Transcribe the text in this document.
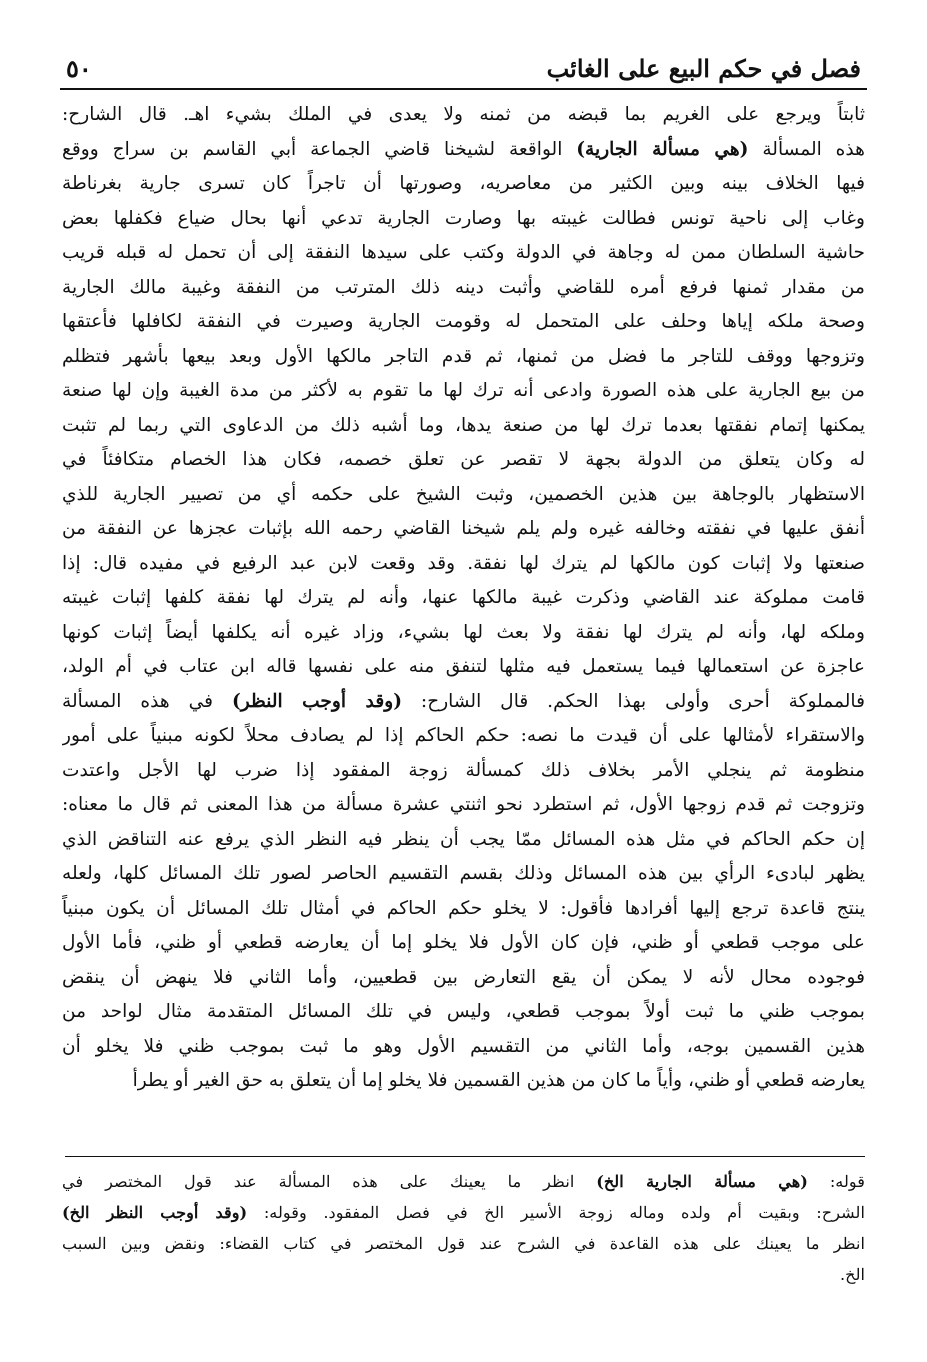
فصل في حكم البيع على الغائب
٥٠
ثابتاً ويرجع على الغريم بما قبضه من ثمنه ولا يعدى في الملك بشيء اهـ. قال الشارح:
هذه المسألة (هي مسألة الجارية) الواقعة لشيخنا قاضي الجماعة أبي القاسم بن سراج ووقع
فيها الخلاف بينه وبين الكثير من معاصريه، وصورتها أن تاجراً كان تسرى جارية بغرناطة
وغاب إلى ناحية تونس فطالت غيبته بها وصارت الجارية تدعي أنها بحال ضياع فكفلها بعض
حاشية السلطان ممن له وجاهة في الدولة وكتب على سيدها النفقة إلى أن تحمل له قبله قريب
من مقدار ثمنها فرفع أمره للقاضي وأثبت دينه ذلك المترتب من النفقة وغيبة مالك الجارية
وصحة ملكه إياها وحلف على المتحمل له وقومت الجارية وصيرت في النفقة لكافلها فأعتقها
وتزوجها ووقف للتاجر ما فضل من ثمنها، ثم قدم التاجر مالكها الأول وبعد بيعها بأشهر فتظلم
من بيع الجارية على هذه الصورة وادعى أنه ترك لها ما تقوم به لأكثر من مدة الغيبة وإن لها صنعة
يمكنها إتمام نفقتها بعدما ترك لها من صنعة يدها، وما أشبه ذلك من الدعاوى التي ربما لم تثبت
له وكان يتعلق من الدولة بجهة لا تقصر عن تعلق خصمه، فكان هذا الخصام متكافئاً في
الاستظهار بالوجاهة بين هذين الخصمين، وثبت الشيخ على حكمه أي من تصيير الجارية للذي
أنفق عليها في نفقته وخالفه غيره ولم يلم شيخنا القاضي رحمه الله بإثبات عجزها عن النفقة من
صنعتها ولا إثبات كون مالكها لم يترك لها نفقة. وقد وقعت لابن عبد الرفيع في مفيده قال: إذا
قامت مملوكة عند القاضي وذكرت غيبة مالكها عنها، وأنه لم يترك لها نفقة كلفها إثبات غيبته
وملكه لها، وأنه لم يترك لها نفقة ولا بعث لها بشيء، وزاد غيره أنه يكلفها أيضاً إثبات كونها
عاجزة عن استعمالها فيما يستعمل فيه مثلها لتنفق منه على نفسها قاله ابن عتاب في أم الولد،
فالمملوكة أحرى وأولى بهذا الحكم. قال الشارح: (وقد أوجب النظر) في هذه المسألة
والاستقراء لأمثالها على أن قيدت ما نصه: حكم الحاكم إذا لم يصادف محلاً لكونه مبنياً على أمور
منظومة ثم ينجلي الأمر بخلاف ذلك كمسألة زوجة المفقود إذا ضرب لها الأجل واعتدت
وتزوجت ثم قدم زوجها الأول، ثم استطرد نحو اثنتي عشرة مسألة من هذا المعنى ثم قال ما معناه:
إن حكم الحاكم في مثل هذه المسائل ممّا يجب أن ينظر فيه النظر الذي يرفع عنه التناقض الذي
يظهر لبادىء الرأي بين هذه المسائل وذلك بقسم التقسيم الحاصر لصور تلك المسائل كلها، ولعله
ينتج قاعدة ترجع إليها أفرادها فأقول: لا يخلو حكم الحاكم في أمثال تلك المسائل أن يكون مبنياً
على موجب قطعي أو ظني، فإن كان الأول فلا يخلو إما أن يعارضه قطعي أو ظني، فأما الأول
فوجوده محال لأنه لا يمكن أن يقع التعارض بين قطعيين، وأما الثاني فلا ينهض أن ينقض
بموجب ظني ما ثبت أولاً بموجب قطعي، وليس في تلك المسائل المتقدمة مثال لواحد من
هذين القسمين بوجه، وأما الثاني من التقسيم الأول وهو ما ثبت بموجب ظني فلا يخلو أن
يعارضه قطعي أو ظني، وأياً ما كان من هذين القسمين فلا يخلو إما أن يتعلق به حق الغير أو يطرأ
قوله: (هي مسألة الجارية الخ) انظر ما يعينك على هذه المسألة عند قول المختصر في
الشرح: وبقيت أم ولده وماله زوجة الأسير الخ في فصل المفقود. وقوله: (وقد أوجب النظر الخ)
انظر ما يعينك على هذه القاعدة في الشرح عند قول المختصر في كتاب القضاء: ونقض وبين السبب
الخ.
